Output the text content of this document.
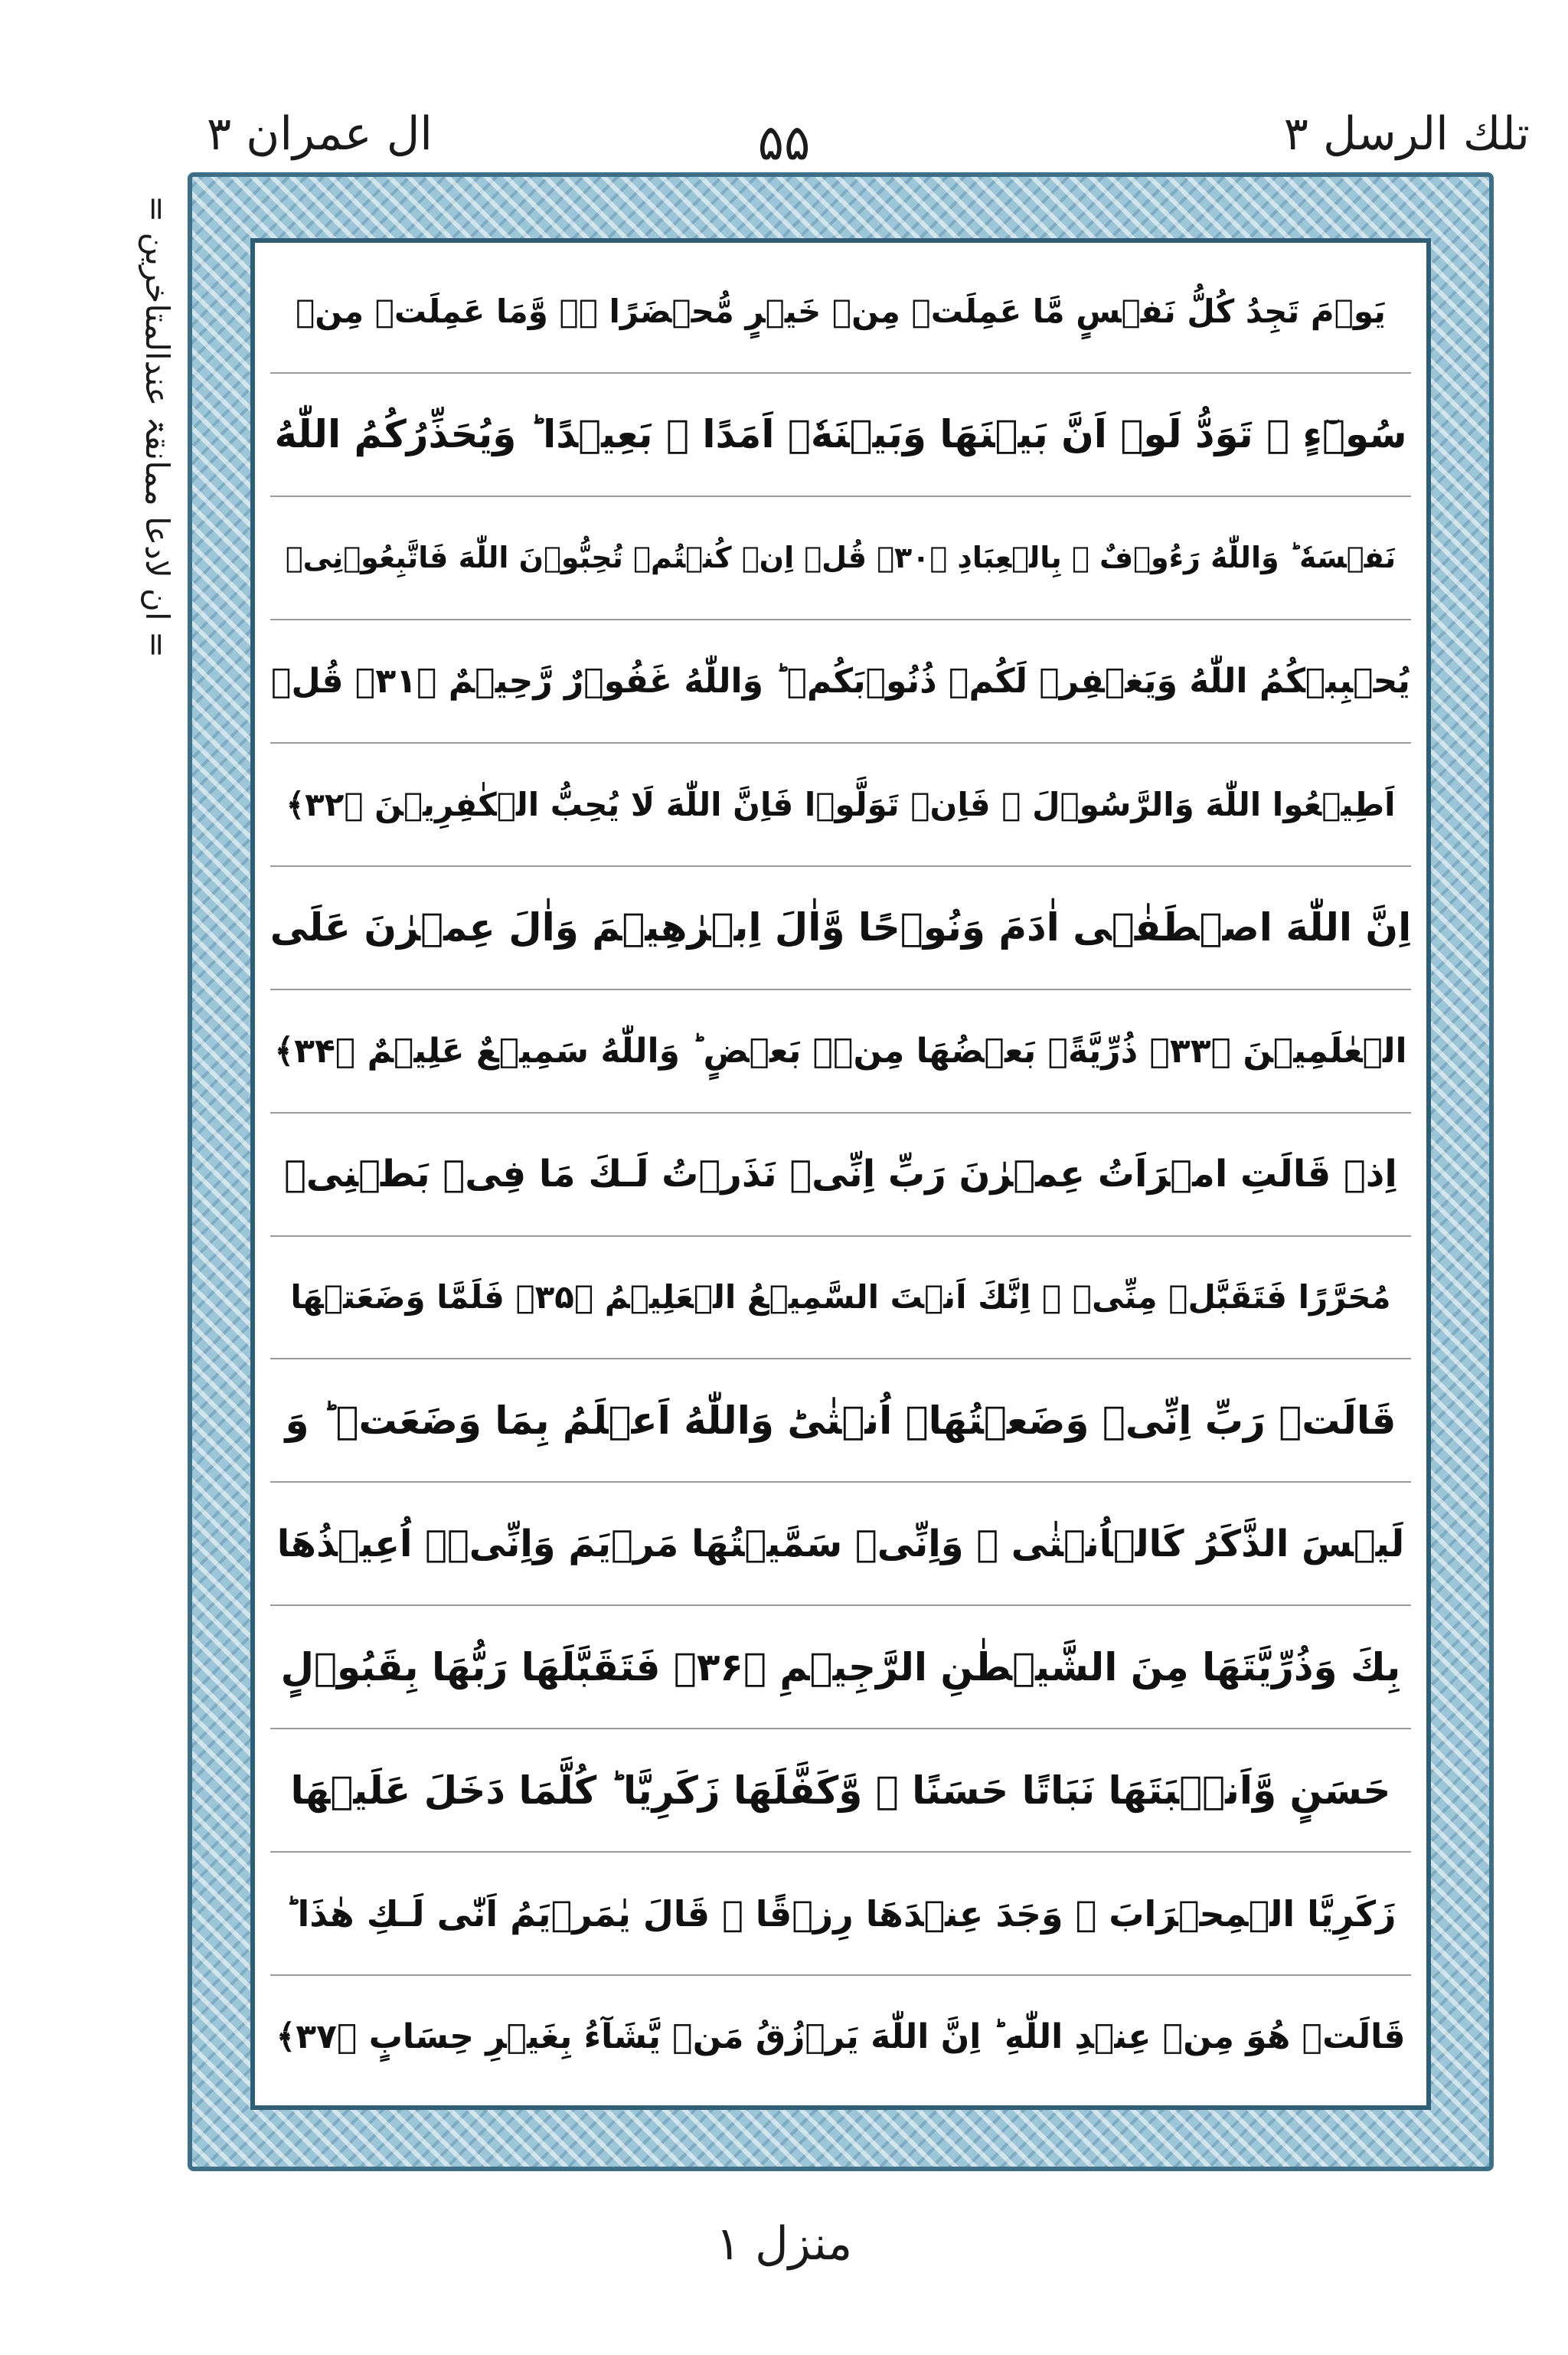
ال عمران ۳	۵۵	تلك الرسل ۳
= ان لادعا ممانقۃ عندالمتاخرین =	يَوۡمَ تَجِدُ كُلُّ نَفۡسٍ مَّا عَمِلَتۡ مِنۡ خَيۡرٍ مُّحۡضَرًا ۖۚ وَّمَا عَمِلَتۡ مِنۡ
سُوۡٓءٍ ۚ تَوَدُّ لَوۡ اَنَّ بَيۡنَهَا وَبَيۡنَهٗۤ اَمَدًا ۢ بَعِيۡدًا ؕ وَيُحَذِّرُكُمُ اللّٰهُ
نَفۡسَهٗ ؕ وَاللّٰهُ رَءُوۡفٌ ۢ بِالۡعِبَادِ ﴿۳۰﴾ قُلۡ اِنۡ كُنۡتُمۡ تُحِبُّوۡنَ اللّٰهَ فَاتَّبِعُوۡنِىۡ
يُحۡبِبۡكُمُ اللّٰهُ وَيَغۡفِرۡ لَكُمۡ ذُنُوۡبَكُمۡ ؕ وَاللّٰهُ غَفُوۡرٌ رَّحِيۡمٌ ﴿۳۱﴾ قُلۡ
اَطِيۡعُوا اللّٰهَ وَالرَّسُوۡلَ ۚ فَاِنۡ تَوَلَّوۡا فَاِنَّ اللّٰهَ لَا يُحِبُّ الۡكٰفِرِيۡنَ ﴿۳۲﴾
اِنَّ اللّٰهَ اصۡطَفٰۤى اٰدَمَ وَنُوۡحًا وَّاٰلَ اِبۡرٰهِيۡمَ وَاٰلَ عِمۡرٰنَ عَلَى
الۡعٰلَمِيۡنَ ﴿۳۳﴾ ذُرِّيَّةًۢ بَعۡضُهَا مِنۡۢ بَعۡضٍ ؕ وَاللّٰهُ سَمِيۡعٌ عَلِيۡمٌ ﴿۳۴﴾
اِذۡ قَالَتِ امۡرَاَتُ عِمۡرٰنَ رَبِّ اِنِّىۡ نَذَرۡتُ لَـكَ مَا فِىۡ بَطۡنِىۡ
مُحَرَّرًا فَتَقَبَّلۡ مِنِّىۡ ۚ اِنَّكَ اَنۡتَ السَّمِيۡعُ الۡعَلِيۡمُ ﴿۳۵﴾ فَلَمَّا وَضَعَتۡهَا
قَالَتۡ رَبِّ اِنِّىۡ وَضَعۡتُهَاۤ اُنۡثٰىؕ وَاللّٰهُ اَعۡلَمُ بِمَا وَضَعَتۡ ؕ وَ
لَيۡسَ الذَّكَرُ كَالۡاُنۡثٰى ۚ وَاِنِّىۡ سَمَّيۡتُهَا مَرۡيَمَ وَاِنِّىۡۤ اُعِيۡذُهَا
بِكَ وَذُرِّيَّتَهَا مِنَ الشَّيۡطٰنِ الرَّجِيۡمِ ﴿۳۶﴾ فَتَقَبَّلَهَا رَبُّهَا بِقَبُوۡلٍ
حَسَنٍ وَّاَنۡۢبَتَهَا نَبَاتًا حَسَنًا ۙ وَّكَفَّلَهَا زَكَرِيَّا ؕ كُلَّمَا دَخَلَ عَلَيۡهَا
زَكَرِيَّا الۡمِحۡرَابَ ۙ وَجَدَ عِنۡدَهَا رِزۡقًا ۚ قَالَ يٰمَرۡيَمُ اَنّٰى لَـكِ هٰذَا ؕ
قَالَتۡ هُوَ مِنۡ عِنۡدِ اللّٰهِ ؕ اِنَّ اللّٰهَ يَرۡزُقُ مَنۡ يَّشَآءُ بِغَيۡرِ حِسَابٍ ﴿۳۷﴾
منزل ۱
